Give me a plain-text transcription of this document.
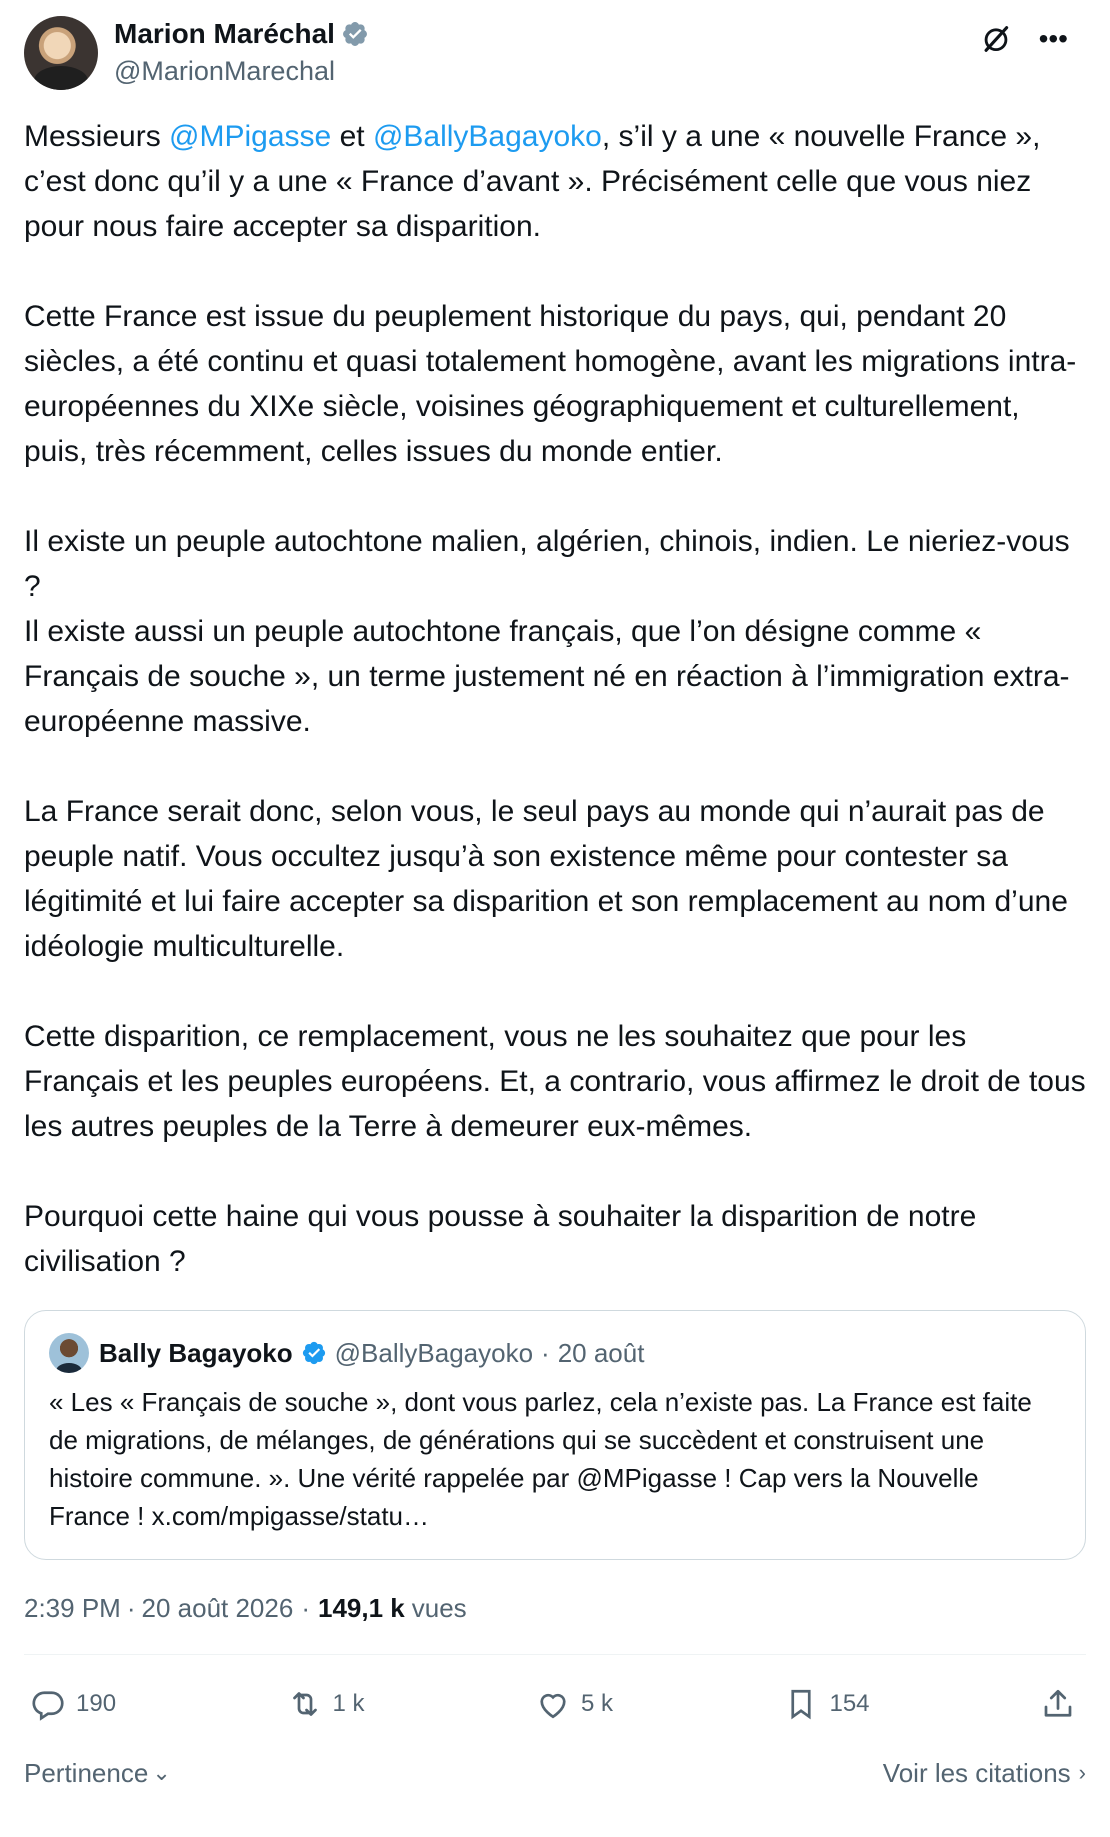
Marion Maréchal
@MarionMarechal
•••
Messieurs @MPigasse et @BallyBagayoko, s’il y a une « nouvelle France », c’est donc qu’il y a une « France d’avant ». Précisément celle que vous niez pour nous faire accepter sa disparition.
Cette France est issue du peuplement historique du pays, qui, pendant 20 siècles, a été continu et quasi totalement homogène, avant les migrations intra-européennes du XIXe siècle, voisines géographiquement et culturellement, puis, très récemment, celles issues du monde entier.
Il existe un peuple autochtone malien, algérien, chinois, indien. Le nieriez-vous ?
Il existe aussi un peuple autochtone français, que l’on désigne comme « Français de souche », un terme justement né en réaction à l’immigration extra-européenne massive.
La France serait donc, selon vous, le seul pays au monde qui n’aurait pas de peuple natif. Vous occultez jusqu’à son existence même pour contester sa légitimité et lui faire accepter sa disparition et son remplacement au nom d’une idéologie multiculturelle.
Cette disparition, ce remplacement, vous ne les souhaitez que pour les Français et les peuples européens. Et, a contrario, vous affirmez le droit de tous les autres peuples de la Terre à demeurer eux-mêmes.
Pourquoi cette haine qui vous pousse à souhaiter la disparition de notre civilisation ?
Bally Bagayoko @BallyBagayoko · 20 août
« Les « Français de souche », dont vous parlez, cela n’existe pas. La France est faite de migrations, de mélanges, de générations qui se succèdent et construisent une histoire commune. ». Une vérité rappelée par @MPigasse ! Cap vers la Nouvelle France ! x.com/mpigasse/statu…
2:39 PM · 20 août 2026 · 149,1 k vues
190	1 k	5 k	154
Pertinence ⌄	Voir les citations ›
